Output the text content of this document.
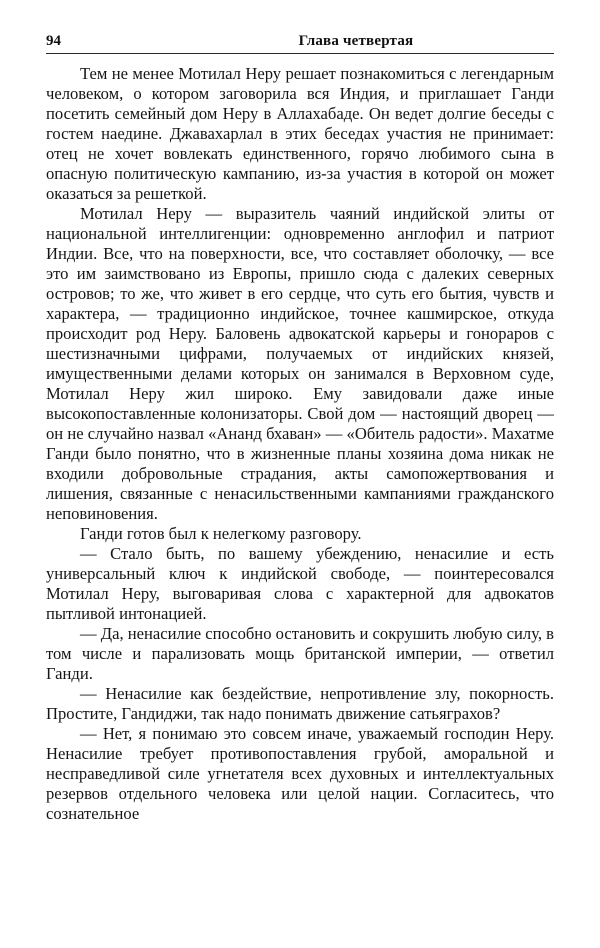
94	Глава четвертая

Тем не менее Мотилал Неру решает познакомиться с легендарным человеком, о котором заговорила вся Индия, и приглашает Ганди посетить семейный дом Неру в Аллахабаде. Он ведет долгие беседы с гостем наедине. Джавахарлал в этих беседах участия не принимает: отец не хочет вовлекать единственного, горячо любимого сына в опасную политическую кампанию, из-за участия в которой он может оказаться за решеткой.

Мотилал Неру — выразитель чаяний индийской элиты от национальной интеллигенции: одновременно англофил и патриот Индии. Все, что на поверхности, все, что составляет оболочку, — все это им заимствовано из Европы, пришло сюда с далеких северных островов; то же, что живет в его сердце, что суть его бытия, чувств и характера, — традиционно индийское, точнее кашмирское, откуда происходит род Неру. Баловень адвокатской карьеры и гонораров с шестизначными цифрами, получаемых от индийских князей, имущественными делами которых он занимался в Верховном суде, Мотилал Неру жил широко. Ему завидовали даже иные высокопоставленные колонизаторы. Свой дом — настоящий дворец — он не случайно назвал «Ананд бхаван» — «Обитель радости». Махатме Ганди было понятно, что в жизненные планы хозяина дома никак не входили добровольные страдания, акты самопожертвования и лишения, связанные с ненасильственными кампаниями гражданского неповиновения.

Ганди готов был к нелегкому разговору.

— Стало быть, по вашему убеждению, ненасилие и есть универсальный ключ к индийской свободе, — поинтересовался Мотилал Неру, выговаривая слова с характерной для адвокатов пытливой интонацией.

— Да, ненасилие способно остановить и сокрушить любую силу, в том числе и парализовать мощь британской империи, — ответил Ганди.

— Ненасилие как бездействие, непротивление злу, покорность. Простите, Гандиджи, так надо понимать движение сатьяграхов?

— Нет, я понимаю это совсем иначе, уважаемый господин Неру. Ненасилие требует противопоставления грубой, аморальной и несправедливой силе угнетателя всех духовных и интеллектуальных резервов отдельного человека или целой нации. Согласитесь, что сознательное
